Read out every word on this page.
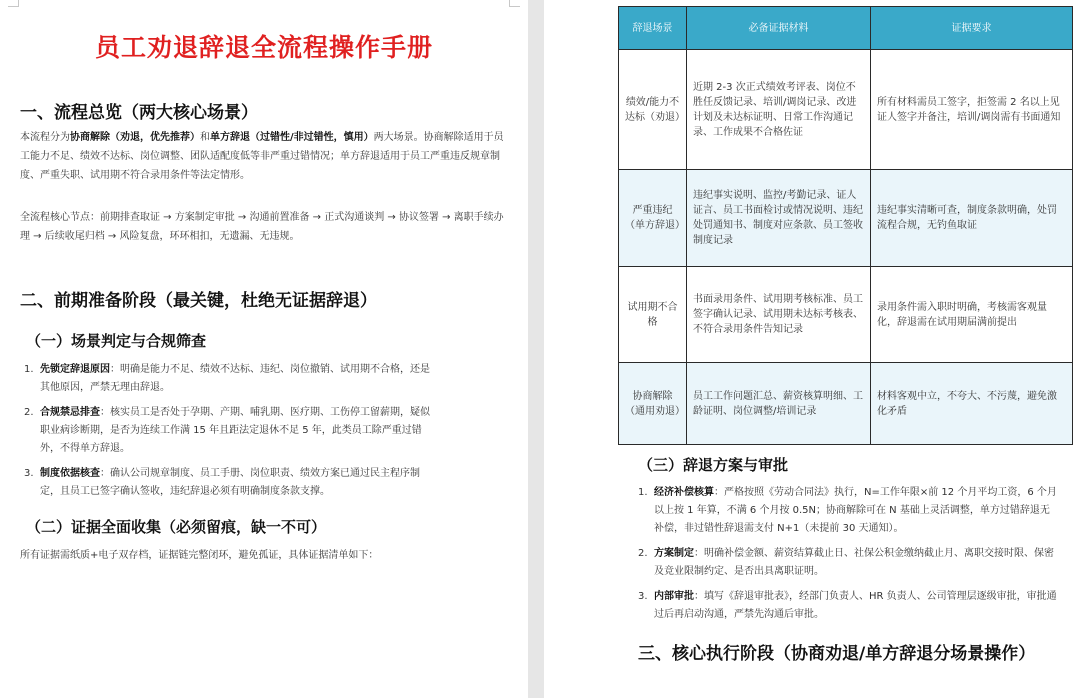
员工劝退辞退全流程操作手册
一、流程总览（两大核心场景）

本流程分为协商解除（劝退，优先推荐）和单方辞退（过错性/非过错性，慎用）两大场景。协商解除适用于员工能力不足、绩效不达标、岗位调整、团队适配度低等非严重过错情况；单方辞退适用于员工严重违反规章制度、严重失职、试用期不符合录用条件等法定情形。

全流程核心节点：前期排查取证 → 方案制定审批 → 沟通前置准备 → 正式沟通谈判 → 协议签署 → 离职手续办理 → 后续收尾归档 → 风险复盘，环环相扣，无遗漏、无违规。

二、前期准备阶段（最关键，杜绝无证据辞退）
（一）场景判定与合规筛查
1. 先锁定辞退原因：明确是能力不足、绩效不达标、违纪、岗位撤销、试用期不合格，还是其他原因，严禁无理由辞退。
2. 合规禁忌排查：核实员工是否处于孕期、产期、哺乳期、医疗期、工伤停工留薪期，疑似职业病诊断期，是否为连续工作满 15 年且距法定退休不足 5 年，此类员工除严重过错外，不得单方辞退。
3. 制度依据核查：确认公司规章制度、员工手册、岗位职责、绩效方案已通过民主程序制定，且员工已签字确认签收，违纪辞退必须有明确制度条款支撑。
（二）证据全面收集（必须留痕，缺一不可）

所有证据需纸质+电子双存档，证据链完整闭环，避免孤证，具体证据清单如下：

辞退场景	必备证据材料	证据要求
绩效/能力不达标（劝退）	近期 2-3 次正式绩效考评表、岗位不胜任反馈记录、培训/调岗记录、改进计划及未达标证明、日常工作沟通记录、工作成果不合格佐证	所有材料需员工签字，拒签需 2 名以上见证人签字并备注，培训/调岗需有书面通知
严重违纪（单方辞退）	违纪事实说明、监控/考勤记录、证人证言、员工书面检讨或情况说明、违纪处罚通知书、制度对应条款、员工签收制度记录	违纪事实清晰可查，制度条款明确，处罚流程合规，无钓鱼取证
试用期不合格	书面录用条件、试用期考核标准、员工签字确认记录、试用期未达标考核表、不符合录用条件告知记录	录用条件需入职时明确，考核需客观量化，辞退需在试用期届满前提出
协商解除（通用劝退）	员工工作问题汇总、薪资核算明细、工龄证明、岗位调整/培训记录	材料客观中立，不夸大、不污蔑，避免激化矛盾
（三）辞退方案与审批
1. 经济补偿核算：严格按照《劳动合同法》执行，N=工作年限×前 12 个月平均工资，6 个月以上按 1 年算，不满 6 个月按 0.5N；协商解除可在 N 基础上灵活调整，单方过错辞退无补偿，非过错性辞退需支付 N+1（未提前 30 天通知）。
2. 方案制定：明确补偿金额、薪资结算截止日、社保公积金缴纳截止月、离职交接时限、保密及竞业限制约定、是否出具离职证明。
3. 内部审批：填写《辞退审批表》，经部门负责人、HR 负责人、公司管理层逐级审批，审批通过后再启动沟通，严禁先沟通后审批。
三、核心执行阶段（协商劝退/单方辞退分场景操作）
